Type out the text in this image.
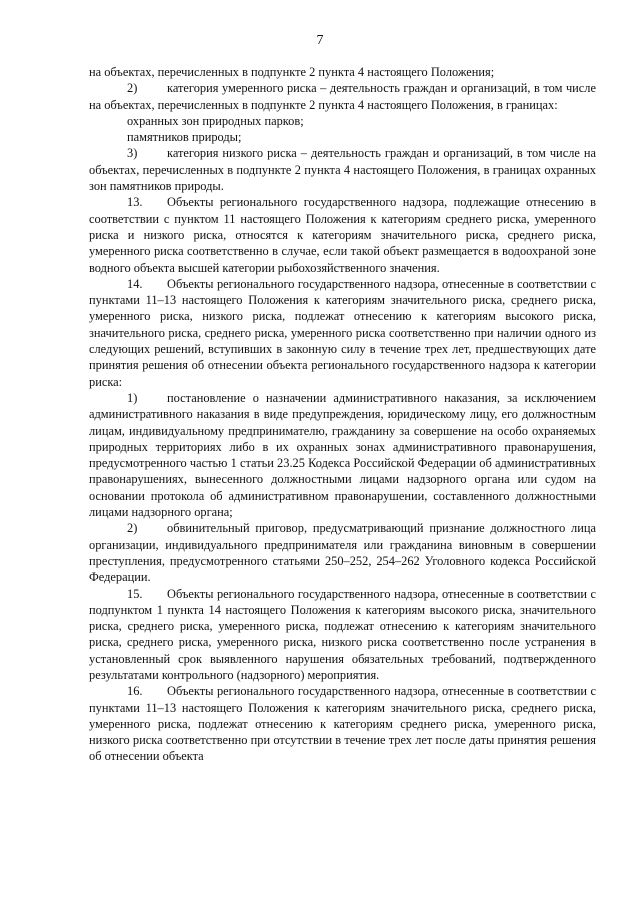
7

на объектах, перечисленных в подпункте 2 пункта 4 настоящего Положения;

2) категория умеренного риска – деятельность граждан и организаций, в том числе на объектах, перечисленных в подпункте 2 пункта 4 настоящего Положения, в границах:

охранных зон природных парков;

памятников природы;

3) категория низкого риска – деятельность граждан и организаций, в том числе на объектах, перечисленных в подпункте 2 пункта 4 настоящего Положения, в границах охранных зон памятников природы.

13. Объекты регионального государственного надзора, подлежащие отнесению в соответствии с пунктом 11 настоящего Положения к категориям среднего риска, умеренного риска и низкого риска, относятся к категориям значительного риска, среднего риска, умеренного риска соответственно в случае, если такой объект размещается в водоохраной зоне водного объекта высшей категории рыбохозяйственного значения.

14. Объекты регионального государственного надзора, отнесенные в соответствии с пунктами 11–13 настоящего Положения к категориям значительного риска, среднего риска, умеренного риска, низкого риска, подлежат отнесению к категориям высокого риска, значительного риска, среднего риска, умеренного риска соответственно при наличии одного из следующих решений, вступивших в законную силу в течение трех лет, предшествующих дате принятия решения об отнесении объекта регионального государственного надзора к категории риска:

1) постановление о назначении административного наказания, за исключением административного наказания в виде предупреждения, юридическому лицу, его должностным лицам, индивидуальному предпринимателю, гражданину за совершение на особо охраняемых природных территориях либо в их охранных зонах административного правонарушения, предусмотренного частью 1 статьи 23.25 Кодекса Российской Федерации об административных правонарушениях, вынесенного должностными лицами надзорного органа или судом на основании протокола об административном правонарушении, составленного должностными лицами надзорного органа;

2) обвинительный приговор, предусматривающий признание должностного лица организации, индивидуального предпринимателя или гражданина виновным в совершении преступления, предусмотренного статьями 250–252, 254–262 Уголовного кодекса Российской Федерации.

15. Объекты регионального государственного надзора, отнесенные в соответствии с подпунктом 1 пункта 14 настоящего Положения к категориям высокого риска, значительного риска, среднего риска, умеренного риска, подлежат отнесению к категориям значительного риска, среднего риска, умеренного риска, низкого риска соответственно после устранения в установленный срок выявленного нарушения обязательных требований, подтвержденного результатами контрольного (надзорного) мероприятия.

16. Объекты регионального государственного надзора, отнесенные в соответствии с пунктами 11–13 настоящего Положения к категориям значительного риска, среднего риска, умеренного риска, подлежат отнесению к категориям среднего риска, умеренного риска, низкого риска соответственно при отсутствии в течение трех лет после даты принятия решения об отнесении объекта
